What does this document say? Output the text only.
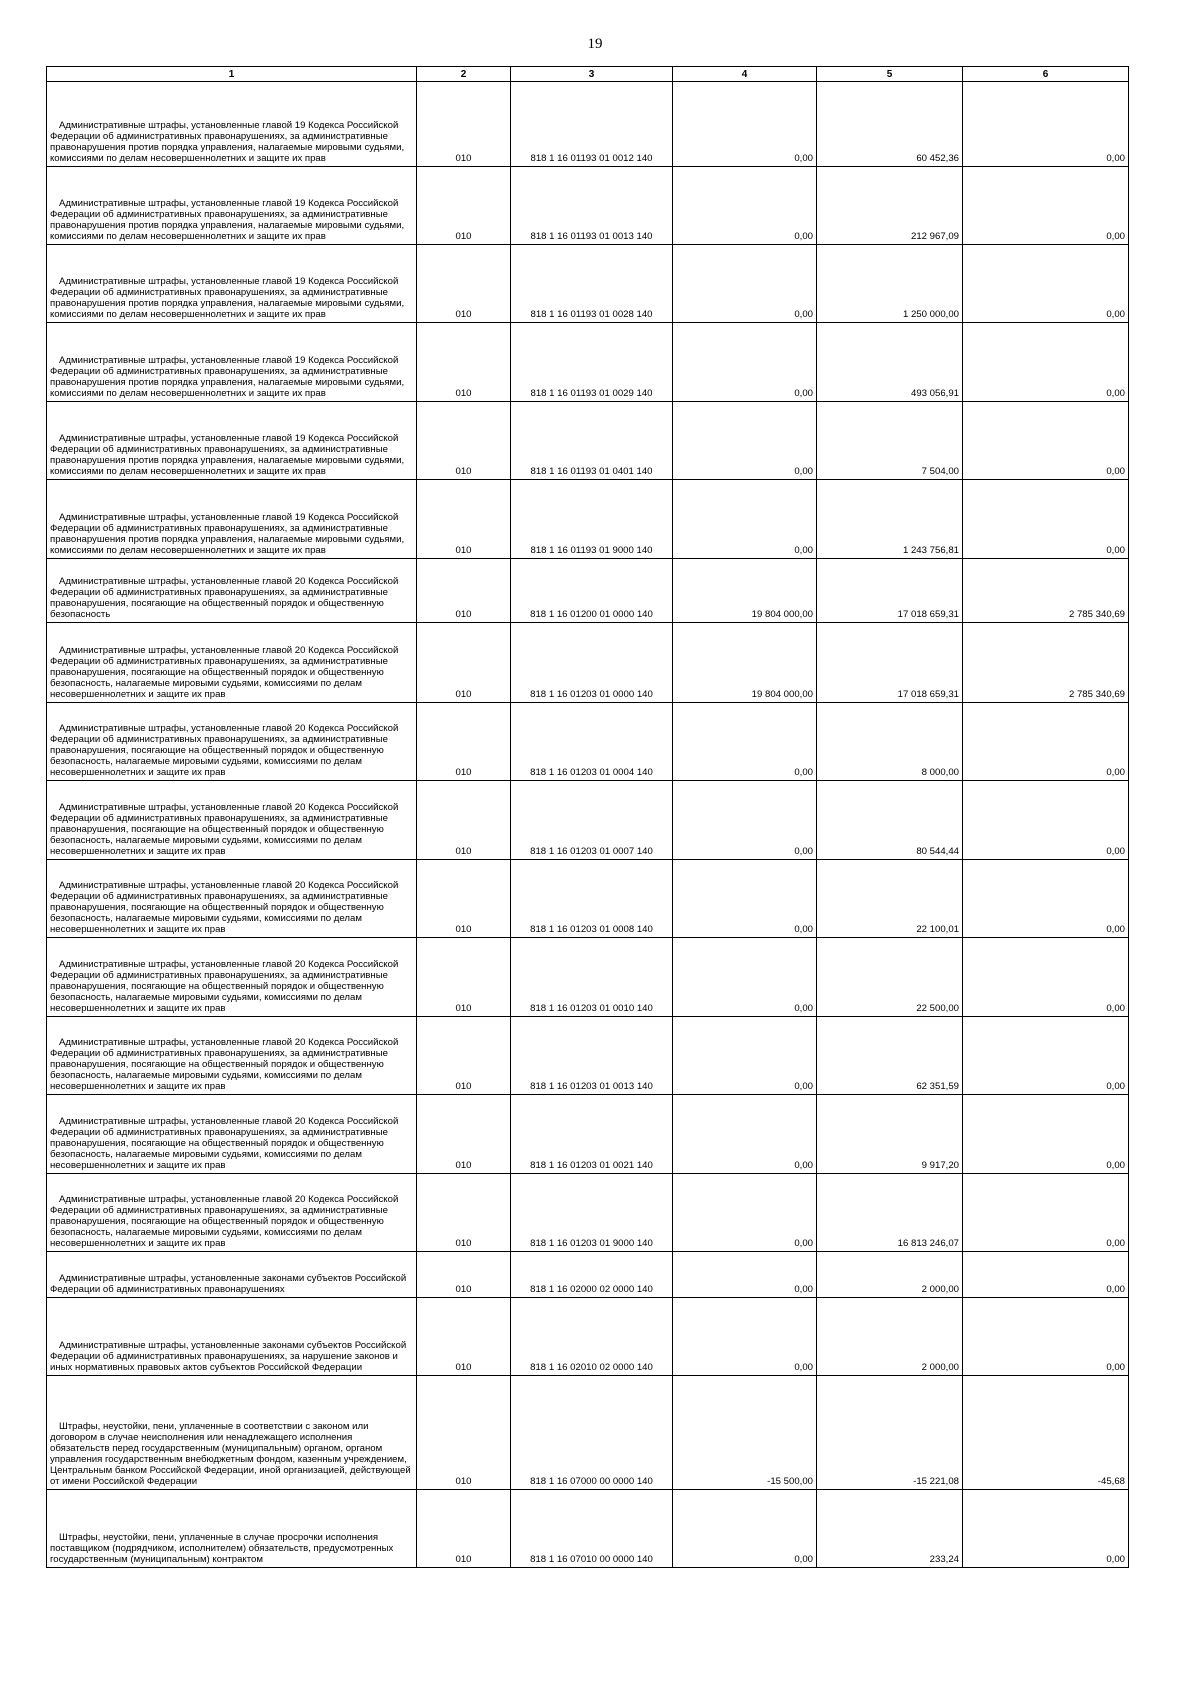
19
1	2	3	4	5	6
Административные штрафы, установленные главой 19 Кодекса Российской Федерации об административных правонарушениях, за административные правонарушения против порядка управления, налагаемые мировыми судьями, комиссиями по делам несовершеннолетних и защите их прав	010	818 1 16 01193 01 0012 140	0,00	60 452,36	0,00
Административные штрафы, установленные главой 19 Кодекса Российской Федерации об административных правонарушениях, за административные правонарушения против порядка управления, налагаемые мировыми судьями, комиссиями по делам несовершеннолетних и защите их прав	010	818 1 16 01193 01 0013 140	0,00	212 967,09	0,00
Административные штрафы, установленные главой 19 Кодекса Российской Федерации об административных правонарушениях, за административные правонарушения против порядка управления, налагаемые мировыми судьями, комиссиями по делам несовершеннолетних и защите их прав	010	818 1 16 01193 01 0028 140	0,00	1 250 000,00	0,00
Административные штрафы, установленные главой 19 Кодекса Российской Федерации об административных правонарушениях, за административные правонарушения против порядка управления, налагаемые мировыми судьями, комиссиями по делам несовершеннолетних и защите их прав	010	818 1 16 01193 01 0029 140	0,00	493 056,91	0,00
Административные штрафы, установленные главой 19 Кодекса Российской Федерации об административных правонарушениях, за административные правонарушения против порядка управления, налагаемые мировыми судьями, комиссиями по делам несовершеннолетних и защите их прав	010	818 1 16 01193 01 0401 140	0,00	7 504,00	0,00
Административные штрафы, установленные главой 19 Кодекса Российской Федерации об административных правонарушениях, за административные правонарушения против порядка управления, налагаемые мировыми судьями, комиссиями по делам несовершеннолетних и защите их прав	010	818 1 16 01193 01 9000 140	0,00	1 243 756,81	0,00
Административные штрафы, установленные главой 20 Кодекса Российской Федерации об административных правонарушениях, за административные правонарушения, посягающие на общественный порядок и общественную безопасность	010	818 1 16 01200 01 0000 140	19 804 000,00	17 018 659,31	2 785 340,69
Административные штрафы, установленные главой 20 Кодекса Российской Федерации об административных правонарушениях, за административные правонарушения, посягающие на общественный порядок и общественную безопасность, налагаемые мировыми судьями, комиссиями по делам несовершеннолетних и защите их прав	010	818 1 16 01203 01 0000 140	19 804 000,00	17 018 659,31	2 785 340,69
Административные штрафы, установленные главой 20 Кодекса Российской Федерации об административных правонарушениях, за административные правонарушения, посягающие на общественный порядок и общественную безопасность, налагаемые мировыми судьями, комиссиями по делам несовершеннолетних и защите их прав	010	818 1 16 01203 01 0004 140	0,00	8 000,00	0,00
Административные штрафы, установленные главой 20 Кодекса Российской Федерации об административных правонарушениях, за административные правонарушения, посягающие на общественный порядок и общественную безопасность, налагаемые мировыми судьями, комиссиями по делам несовершеннолетних и защите их прав	010	818 1 16 01203 01 0007 140	0,00	80 544,44	0,00
Административные штрафы, установленные главой 20 Кодекса Российской Федерации об административных правонарушениях, за административные правонарушения, посягающие на общественный порядок и общественную безопасность, налагаемые мировыми судьями, комиссиями по делам несовершеннолетних и защите их прав	010	818 1 16 01203 01 0008 140	0,00	22 100,01	0,00
Административные штрафы, установленные главой 20 Кодекса Российской Федерации об административных правонарушениях, за административные правонарушения, посягающие на общественный порядок и общественную безопасность, налагаемые мировыми судьями, комиссиями по делам несовершеннолетних и защите их прав	010	818 1 16 01203 01 0010 140	0,00	22 500,00	0,00
Административные штрафы, установленные главой 20 Кодекса Российской Федерации об административных правонарушениях, за административные правонарушения, посягающие на общественный порядок и общественную безопасность, налагаемые мировыми судьями, комиссиями по делам несовершеннолетних и защите их прав	010	818 1 16 01203 01 0013 140	0,00	62 351,59	0,00
Административные штрафы, установленные главой 20 Кодекса Российской Федерации об административных правонарушениях, за административные правонарушения, посягающие на общественный порядок и общественную безопасность, налагаемые мировыми судьями, комиссиями по делам несовершеннолетних и защите их прав	010	818 1 16 01203 01 0021 140	0,00	9 917,20	0,00
Административные штрафы, установленные главой 20 Кодекса Российской Федерации об административных правонарушениях, за административные правонарушения, посягающие на общественный порядок и общественную безопасность, налагаемые мировыми судьями, комиссиями по делам несовершеннолетних и защите их прав	010	818 1 16 01203 01 9000 140	0,00	16 813 246,07	0,00
Административные штрафы, установленные законами субъектов Российской Федерации об административных правонарушениях	010	818 1 16 02000 02 0000 140	0,00	2 000,00	0,00
Административные штрафы, установленные законами субъектов Российской Федерации об административных правонарушениях, за нарушение законов и иных нормативных правовых актов субъектов Российской Федерации	010	818 1 16 02010 02 0000 140	0,00	2 000,00	0,00
Штрафы, неустойки, пени, уплаченные в соответствии с законом или договором в случае неисполнения или ненадлежащего исполнения обязательств перед государственным (муниципальным) органом, органом управления государственным внебюджетным фондом, казенным учреждением, Центральным банком Российской Федерации, иной организацией, действующей от имени Российской Федерации	010	818 1 16 07000 00 0000 140	-15 500,00	-15 221,08	-45,68
Штрафы, неустойки, пени, уплаченные в случае просрочки исполнения поставщиком (подрядчиком, исполнителем) обязательств, предусмотренных государственным (муниципальным) контрактом	010	818 1 16 07010 00 0000 140	0,00	233,24	0,00
